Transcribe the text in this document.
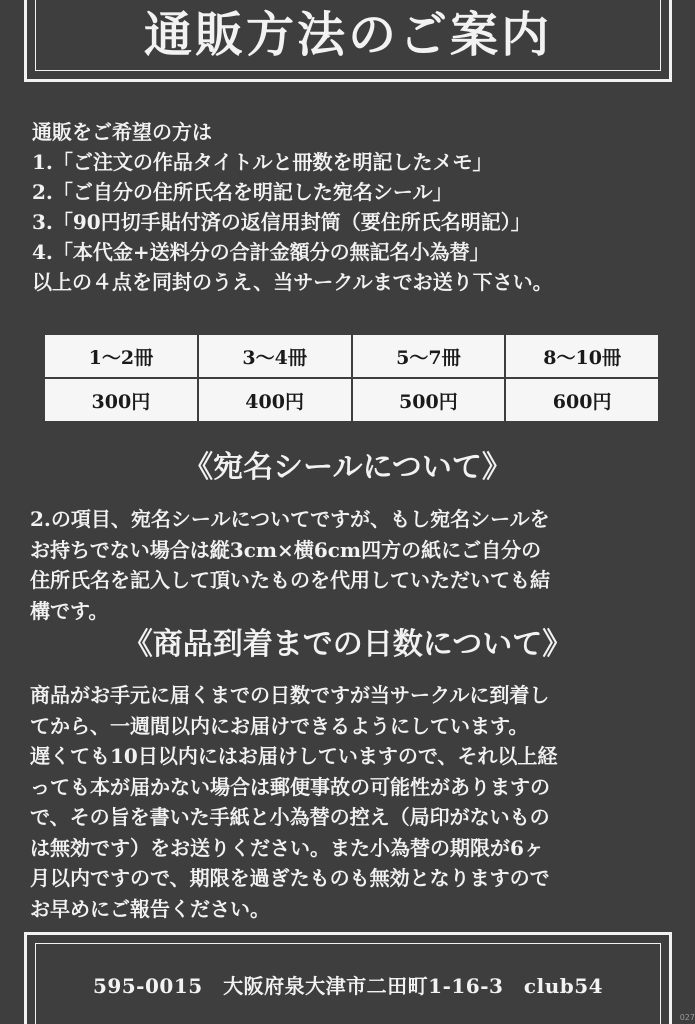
通販方法のご案内
通販をご希望の方は
1.「ご注文の作品タイトルと冊数を明記したメモ」
2.「ご自分の住所氏名を明記した宛名シール」
3.「90円切手貼付済の返信用封筒（要住所氏名明記）」
4.「本代金+送料分の合計金額分の無記名小為替」
以上の４点を同封のうえ、当サークルまでお送り下さい。
1〜2冊	3〜4冊	5〜7冊	8〜10冊
300円	400円	500円	600円
《宛名シールについて》
2.の項目、宛名シールについてですが、もし宛名シールを
お持ちでない場合は縦3cm×横6cm四方の紙にご自分の
住所氏名を記入して頂いたものを代用していただいても結
構です。
《商品到着までの日数について》
商品がお手元に届くまでの日数ですが当サークルに到着し
てから、一週間以内にお届けできるようにしています。
遅くても10日以内にはお届けしていますので、それ以上経
っても本が届かない場合は郵便事故の可能性がありますの
で、その旨を書いた手紙と小為替の控え（局印がないもの
は無効です）をお送りください。また小為替の期限が6ヶ
月以内ですので、期限を過ぎたものも無効となりますので
お早めにご報告ください。
595-0015　大阪府泉大津市二田町1-16-3　club54
027
